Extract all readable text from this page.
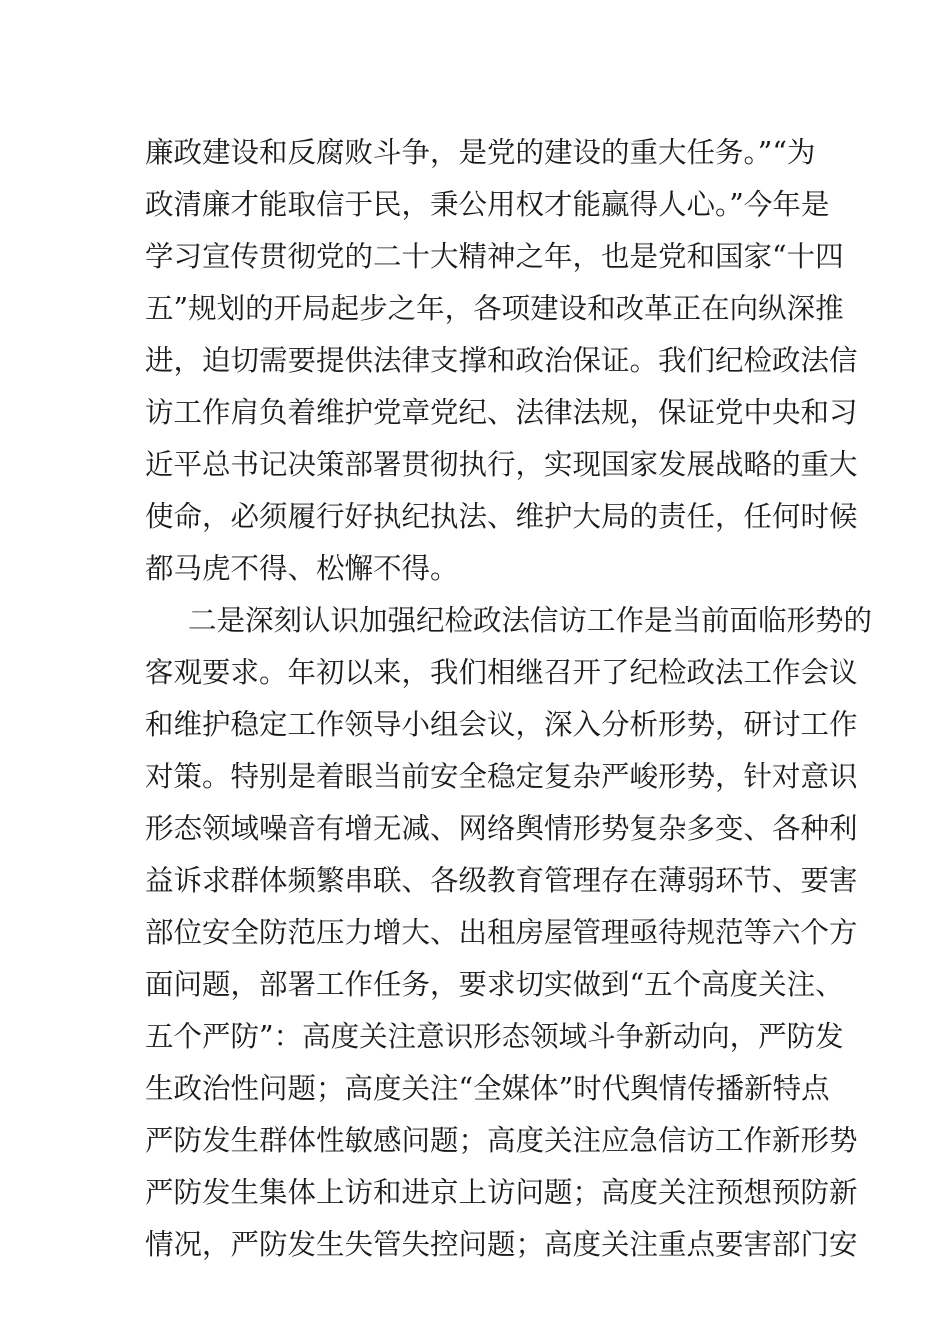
廉政建设和反腐败斗争，是党的建设的重大任务。”“为
政清廉才能取信于民，秉公用权才能赢得人心。”今年是
学习宣传贯彻党的二十大精神之年，也是党和国家“十四
五”规划的开局起步之年，各项建设和改革正在向纵深推
进，迫切需要提供法律支撑和政治保证。我们纪检政法信
访工作肩负着维护党章党纪、法律法规，保证党中央和习
近平总书记决策部署贯彻执行，实现国家发展战略的重大
使命，必须履行好执纪执法、维护大局的责任，任何时候
都马虎不得、松懈不得。
二是深刻认识加强纪检政法信访工作是当前面临形势的
客观要求。年初以来，我们相继召开了纪检政法工作会议
和维护稳定工作领导小组会议，深入分析形势，研讨工作
对策。特别是着眼当前安全稳定复杂严峻形势，针对意识
形态领域噪音有增无减、网络舆情形势复杂多变、各种利
益诉求群体频繁串联、各级教育管理存在薄弱环节、要害
部位安全防范压力增大、出租房屋管理亟待规范等六个方
面问题，部署工作任务，要求切实做到“五个高度关注、
五个严防”：高度关注意识形态领域斗争新动向，严防发
生政治性问题；高度关注“全媒体”时代舆情传播新特点
严防发生群体性敏感问题；高度关注应急信访工作新形势
严防发生集体上访和进京上访问题；高度关注预想预防新
情况，严防发生失管失控问题；高度关注重点要害部门安
